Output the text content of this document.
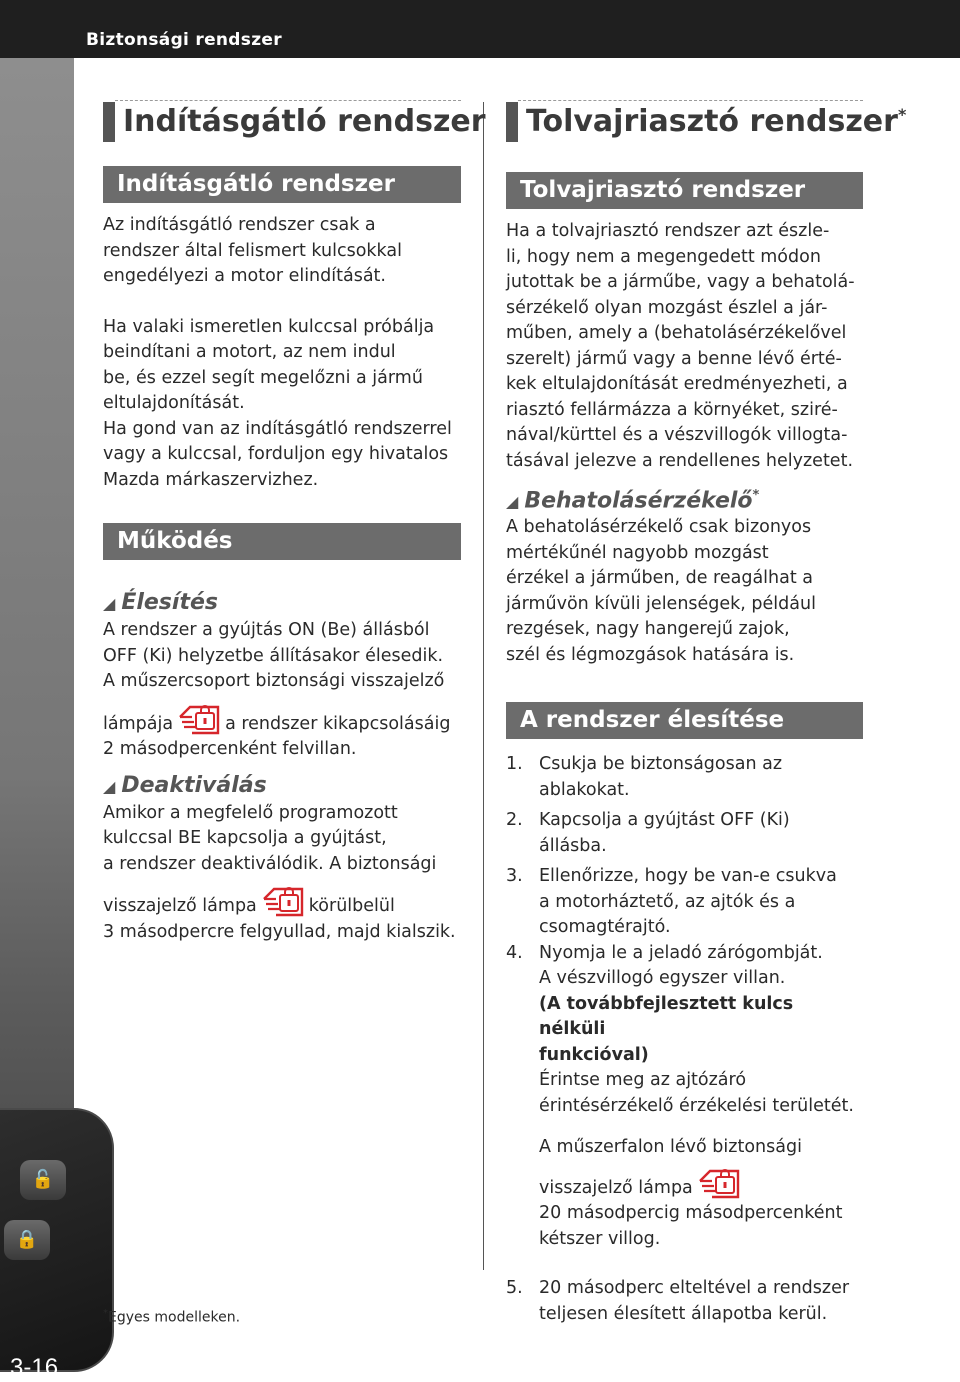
Biztonsági rendszer
🔓
🔒
3-16
Indításgátló rendszer
Indításgátló rendszer

Az indításgátló rendszer csak a
rendszer által felismert kulcsokkal
engedélyezi a motor elindítását.

Ha valaki ismeretlen kulccsal próbálja
beindítani a motort, az nem indul
be, és ezzel segít megelőzni a jármű
eltulajdonítását.
Ha gond van az indításgátló rendszerrel
vagy a kulccsal, forduljon egy hivatalos
Mazda márkaszervizhez.

Működés

◢ Élesítés

A rendszer a gyújtás ON (Be) állásból
OFF (Ki) helyzetbe állításakor élesedik.
A műszercsoport biztonsági visszajelző

lámpája	a rendszer kikapcsolásáig

2 másodpercenként felvillan.

◢ Deaktiválás

Amikor a megfelelő programozott
kulccsal BE kapcsolja a gyújtást,
a rendszer deaktiválódik. A biztonsági

visszajelző lámpa	körülbelül

3 másodpercre felgyullad, majd kialszik.

Tolvajriasztó rendszer*
Tolvajriasztó rendszer

Ha a tolvajriasztó rendszer azt észle-
li, hogy nem a megengedett módon
jutottak be a járműbe, vagy a behatolá-
sérzékelő olyan mozgást észlel a jár-
műben, amely a (behatolásérzékelővel
szerelt) jármű vagy a benne lévő érté-
kek eltulajdonítását eredményezheti, a
riasztó fellármázza a környéket, sziré-
nával/kürttel és a vészvillogók villogta-
tásával jelezve a rendellenes helyzetet.

◢ Behatolásérzékelő*

A behatolásérzékelő csak bizonyos
mértékűnél nagyobb mozgást
érzékel a járműben, de reagálhat a
járművön kívüli jelenségek, például
rezgések, nagy hangerejű zajok,
szél és légmozgások hatására is.

A rendszer élesítése
1. Csukja be biztonságosan az
ablakokat.
2. Kapcsolja a gyújtást OFF (Ki)
állásba.
3. Ellenőrizze, hogy be van-e csukva
a motorháztető, az ajtók és a
csomagtérajtó.
4. Nyomja le a jeladó zárógombját.
A vészvillogó egyszer villan.
(A továbbfejlesztett kulcs nélküli
funkcióval)
Érintse meg az ajtózáró
érintésérzékelő érzékelési területét.
A műszerfalon lévő biztonsági
visszajelző lámpa
20 másodpercig másodpercenként
kétszer villog.
5. 20 másodperc elteltével a rendszer
teljesen élesített állapotba kerül.
*Egyes modelleken.
